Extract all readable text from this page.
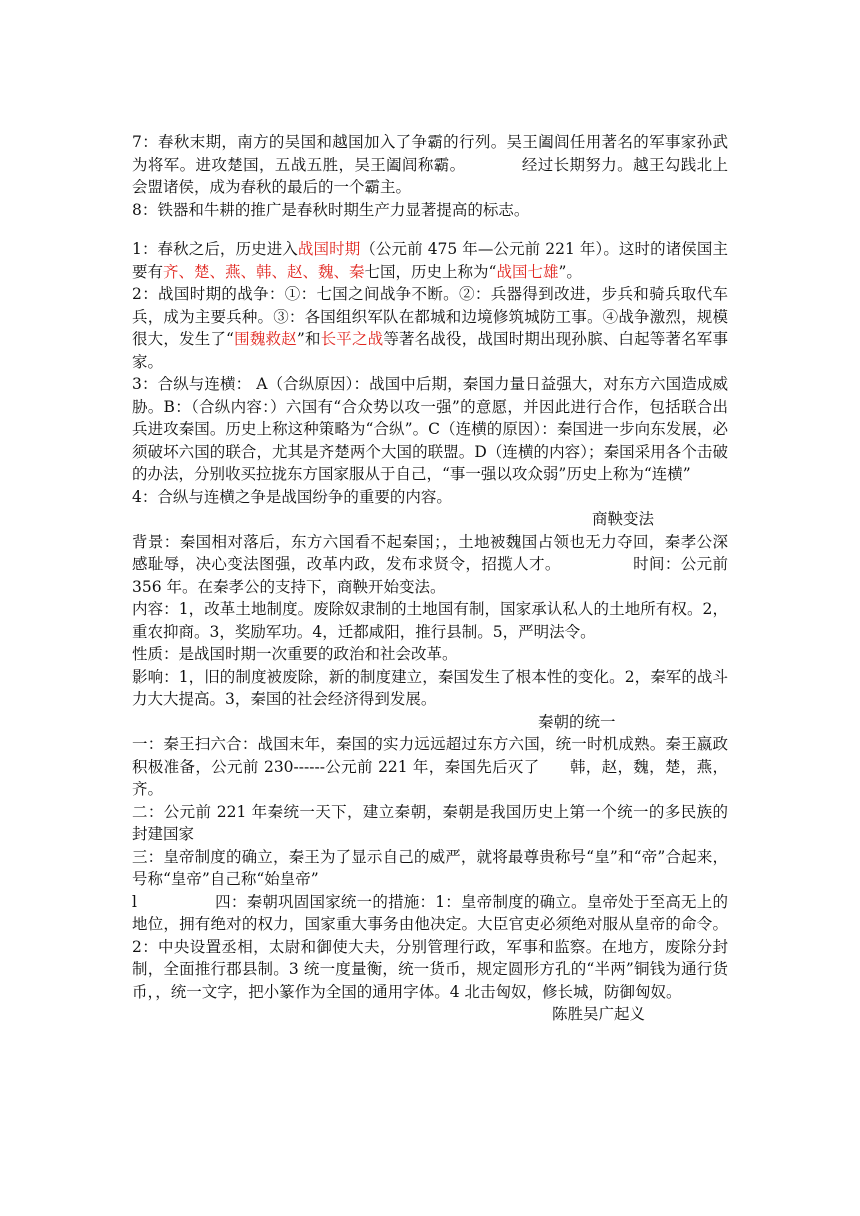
7：春秋末期，南方的吴国和越国加入了争霸的行列。吴王阖闾任用著名的军事家孙武为将军。进攻楚国，五战五胜，吴王阖闾称霸。	经过长期努力。越王勾践北上会盟诸侯，成为春秋的最后的一个霸主。

8：铁器和牛耕的推广是春秋时期生产力显著提高的标志。

1：春秋之后，历史进入战国时期（公元前 475 年—公元前 221 年）。这时的诸侯国主要有齐、楚、燕、韩、赵、魏、秦七国，历史上称为“战国七雄”。

2：战国时期的战争：①：七国之间战争不断。②：兵器得到改进，步兵和骑兵取代车兵，成为主要兵种。③：各国组织军队在都城和边境修筑城防工事。④战争激烈，规模很大，发生了“围魏救赵”和长平之战等著名战役，战国时期出现孙膑、白起等著名军事家。

3：合纵与连横： A（合纵原因）：战国中后期，秦国力量日益强大，对东方六国造成威胁。B：（合纵内容：）六国有“合众势以攻一强”的意愿，并因此进行合作，包括联合出兵进攻秦国。历史上称这种策略为“合纵”。C（连横的原因）：秦国进一步向东发展，必须破坏六国的联合，尤其是齐楚两个大国的联盟。D（连横的内容）；秦国采用各个击破的办法，分别收买拉拢东方国家服从于自己，“事一强以攻众弱”历史上称为“连横”

4：合纵与连横之争是战国纷争的重要的内容。

商鞅变法

背景：秦国相对落后，东方六国看不起秦国；，土地被魏国占领也无力夺回，秦孝公深感耻辱，决心变法图强，改革内政，发布求贤令，招揽人才。	时间：公元前 356 年。在秦孝公的支持下，商鞅开始变法。

内容：1，改革土地制度。废除奴隶制的土地国有制，国家承认私人的土地所有权。2，重农抑商。3，奖励军功。4，迁都咸阳，推行县制。5，严明法令。

性质：是战国时期一次重要的政治和社会改革。

影响：1，旧的制度被废除，新的制度建立，秦国发生了根本性的变化。2，秦军的战斗力大大提高。3，秦国的社会经济得到发展。

秦朝的统一

一：秦王扫六合：战国末年，秦国的实力远远超过东方六国，统一时机成熟。秦王嬴政积极准备，公元前 230------公元前 221 年，秦国先后灭了 韩，赵，魏，楚，燕，齐。

二：公元前 221 年秦统一天下，建立秦朝，秦朝是我国历史上第一个统一的多民族的封建国家

三：皇帝制度的确立，秦王为了显示自己的威严，就将最尊贵称号“皇”和“帝”合起来，号称“皇帝”自己称“始皇帝”

l	四：秦朝巩固国家统一的措施：1：皇帝制度的确立。皇帝处于至高无上的地位，拥有绝对的权力，国家重大事务由他决定。大臣官吏必须绝对服从皇帝的命令。2：中央设置丞相，太尉和御使大夫，分别管理行政，军事和监察。在地方，废除分封制，全面推行郡县制。3 统一度量衡，统一货币，规定圆形方孔的“半两”铜钱为通行货币，，统一文字，把小篆作为全国的通用字体。4 北击匈奴，修长城，防御匈奴。

陈胜吴广起义
